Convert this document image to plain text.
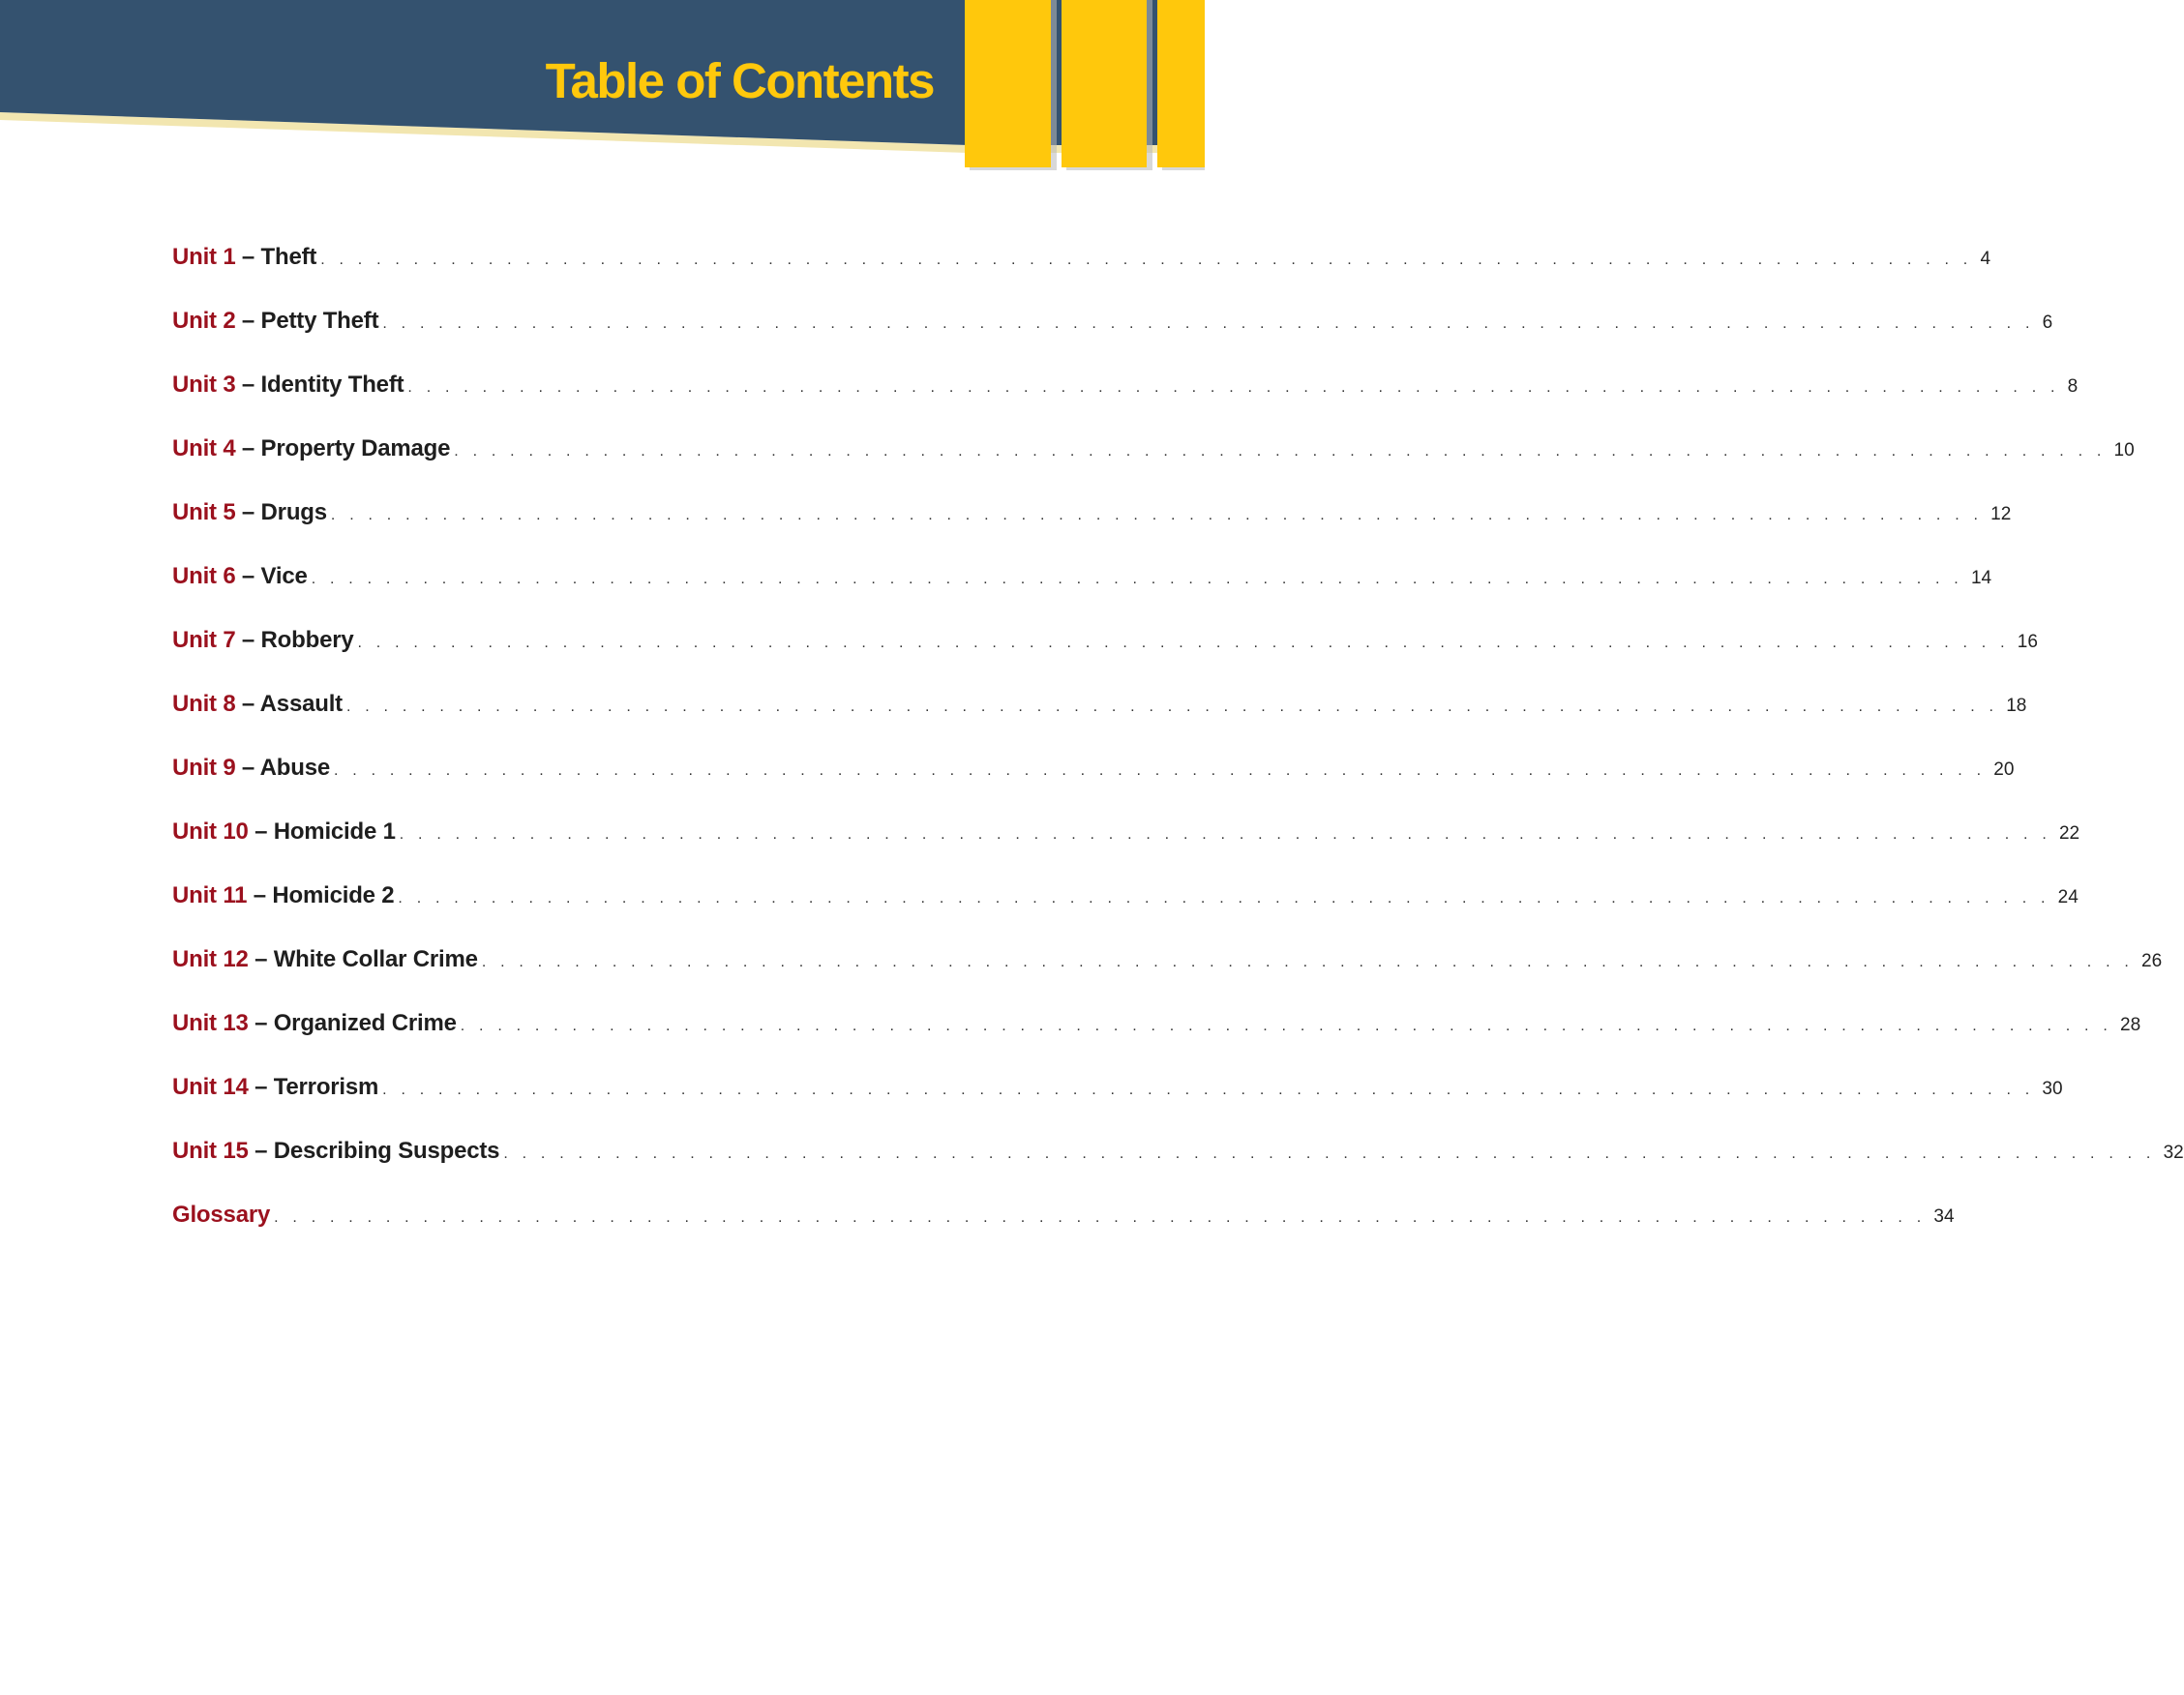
Table of Contents
Unit 1 – Theft . . . . . . . . . . . . . . . . . . . . . . . . . . . . . . . . . . . . . . . . . . . . . . . . . . . . . . . . . . . . . . . . . . . . . . . . . . . . . . . . . . . . . . . . . 4
Unit 2 – Petty Theft . . . . . . . . . . . . . . . . . . . . . . . . . . . . . . . . . . . . . . . . . . . . . . . . . . . . . . . . . . . . . . . . . . . . . . . . . . . . . . . . . . . . . . . . . 6
Unit 3 – Identity Theft . . . . . . . . . . . . . . . . . . . . . . . . . . . . . . . . . . . . . . . . . . . . . . . . . . . . . . . . . . . . . . . . . . . . . . . . . . . . . . . . . . . . . . . . . 8
Unit 4 – Property Damage . . . . . . . . . . . . . . . . . . . . . . . . . . . . . . . . . . . . . . . . . . . . . . . . . . . . . . . . . . . . . . . . . . . . . . . . . . . . . . . . . . . . . . . . . 10
Unit 5 – Drugs . . . . . . . . . . . . . . . . . . . . . . . . . . . . . . . . . . . . . . . . . . . . . . . . . . . . . . . . . . . . . . . . . . . . . . . . . . . . . . . . . . . . . . . . . 12
Unit 6 – Vice . . . . . . . . . . . . . . . . . . . . . . . . . . . . . . . . . . . . . . . . . . . . . . . . . . . . . . . . . . . . . . . . . . . . . . . . . . . . . . . . . . . . . . . . . 14
Unit 7 – Robbery . . . . . . . . . . . . . . . . . . . . . . . . . . . . . . . . . . . . . . . . . . . . . . . . . . . . . . . . . . . . . . . . . . . . . . . . . . . . . . . . . . . . . . . . . 16
Unit 8 – Assault . . . . . . . . . . . . . . . . . . . . . . . . . . . . . . . . . . . . . . . . . . . . . . . . . . . . . . . . . . . . . . . . . . . . . . . . . . . . . . . . . . . . . . . . . 18
Unit 9 – Abuse . . . . . . . . . . . . . . . . . . . . . . . . . . . . . . . . . . . . . . . . . . . . . . . . . . . . . . . . . . . . . . . . . . . . . . . . . . . . . . . . . . . . . . . . . 20
Unit 10 – Homicide 1 . . . . . . . . . . . . . . . . . . . . . . . . . . . . . . . . . . . . . . . . . . . . . . . . . . . . . . . . . . . . . . . . . . . . . . . . . . . . . . . . . . . . . . . . . 22
Unit 11 – Homicide 2 . . . . . . . . . . . . . . . . . . . . . . . . . . . . . . . . . . . . . . . . . . . . . . . . . . . . . . . . . . . . . . . . . . . . . . . . . . . . . . . . . . . . . . . . . 24
Unit 12 – White Collar Crime . . . . . . . . . . . . . . . . . . . . . . . . . . . . . . . . . . . . . . . . . . . . . . . . . . . . . . . . . . . . . . . . . . . . . . . . . . . . . . . . . . . . . . . . . 26
Unit 13 – Organized Crime . . . . . . . . . . . . . . . . . . . . . . . . . . . . . . . . . . . . . . . . . . . . . . . . . . . . . . . . . . . . . . . . . . . . . . . . . . . . . . . . . . . . . . . . . 28
Unit 14 – Terrorism . . . . . . . . . . . . . . . . . . . . . . . . . . . . . . . . . . . . . . . . . . . . . . . . . . . . . . . . . . . . . . . . . . . . . . . . . . . . . . . . . . . . . . . . . 30
Unit 15 – Describing Suspects . . . . . . . . . . . . . . . . . . . . . . . . . . . . . . . . . . . . . . . . . . . . . . . . . . . . . . . . . . . . . . . . . . . . . . . . . . . . . . . . . . . . . . . . . 32
Glossary . . . . . . . . . . . . . . . . . . . . . . . . . . . . . . . . . . . . . . . . . . . . . . . . . . . . . . . . . . . . . . . . . . . . . . . . . . . . . . . . . . . . . . . . . 34
